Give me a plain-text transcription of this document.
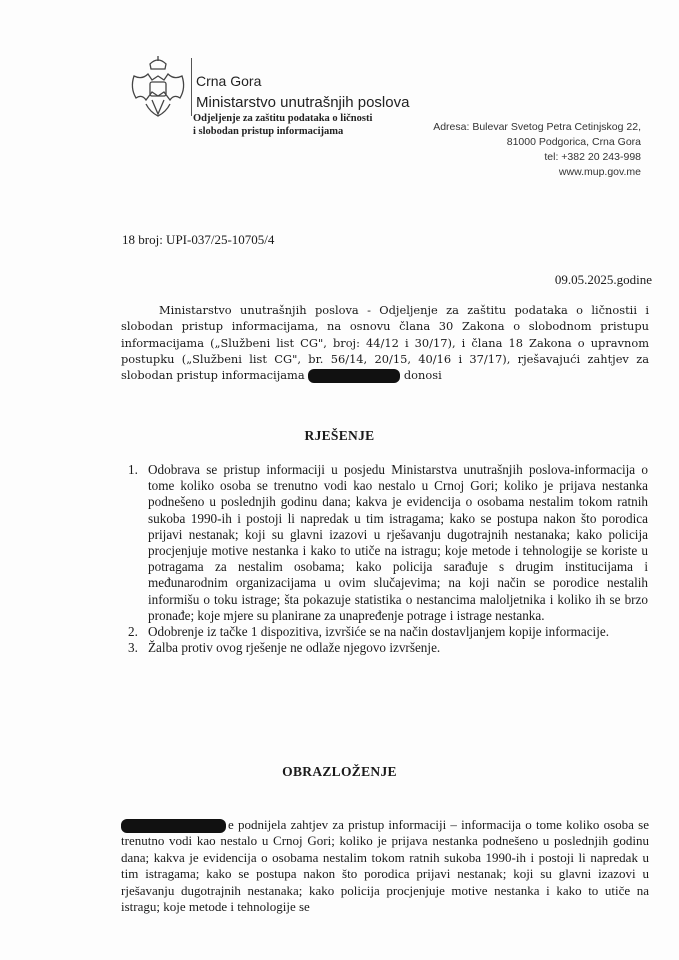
Crna Gora
Ministarstvo unutrašnjih poslova
Odjeljenje za zaštitu podataka o ličnosti
i slobodan pristup informacijama	Adresa: Bulevar Svetog Petra Cetinjskog 22,
81000 Podgorica, Crna Gora
tel: +382 20 243-998
www.mup.gov.me
18 broj: UPI-037/25-10705/4
09.05.2025.godine

Ministarstvo unutrašnjih poslova - Odjeljenje za zaštitu podataka o ličnostii i slobodan pristup informacijama, na osnovu člana 30 Zakona o slobodnom pristupu informacijama („Službeni list CG", broj: 44/12 i 30/17), i člana 18 Zakona o upravnom postupku („Službeni list CG", br. 56/14, 20/15, 40/16 i 37/17), rješavajući zahtjev za slobodan pristup informacijama	donosi

RJEŠENJE
1. Odobrava se pristup informaciji u posjedu Ministarstva unutrašnjih poslova-informacija o tome koliko osoba se trenutno vodi kao nestalo u Crnoj Gori; koliko je prijava nestanka podnešeno u poslednjih godinu dana; kakva je evidencija o osobama nestalim tokom ratnih sukoba 1990-ih i postoji li napredak u tim istragama; kako se postupa nakon što porodica prijavi nestanak; koji su glavni izazovi u rješavanju dugotrajnih nestanaka; kako policija procjenjuje motive nestanka i kako to utiče na istragu; koje metode i tehnologije se koriste u potragama za nestalim osobama; kako policija sarađuje s drugim institucijama i međunarodnim organizacijama u ovim slučajevima; na koji način se porodice nestalih informišu o toku istrage; šta pokazuje statistika o nestancima maloljetnika i koliko ih se brzo pronađe; koje mjere su planirane za unapređenje potrage i istrage nestanka.
2. Odobrenje iz tačke 1 dispozitiva, izvršiće se na način dostavljanjem kopije informacije.
3. Žalba protiv ovog rješenje ne odlaže njegovo izvršenje.
OBRAZLOŽENJE

e podnijela zahtjev za pristup informaciji – informacija o tome koliko osoba se trenutno vodi kao nestalo u Crnoj Gori; koliko je prijava nestanka podnešeno u poslednjih godinu dana; kakva je evidencija o osobama nestalim tokom ratnih sukoba 1990-ih i postoji li napredak u tim istragama; kako se postupa nakon što porodica prijavi nestanak; koji su glavni izazovi u rješavanju dugotrajnih nestanaka; kako policija procjenjuje motive nestanka i kako to utiče na istragu; koje metode i tehnologije se
